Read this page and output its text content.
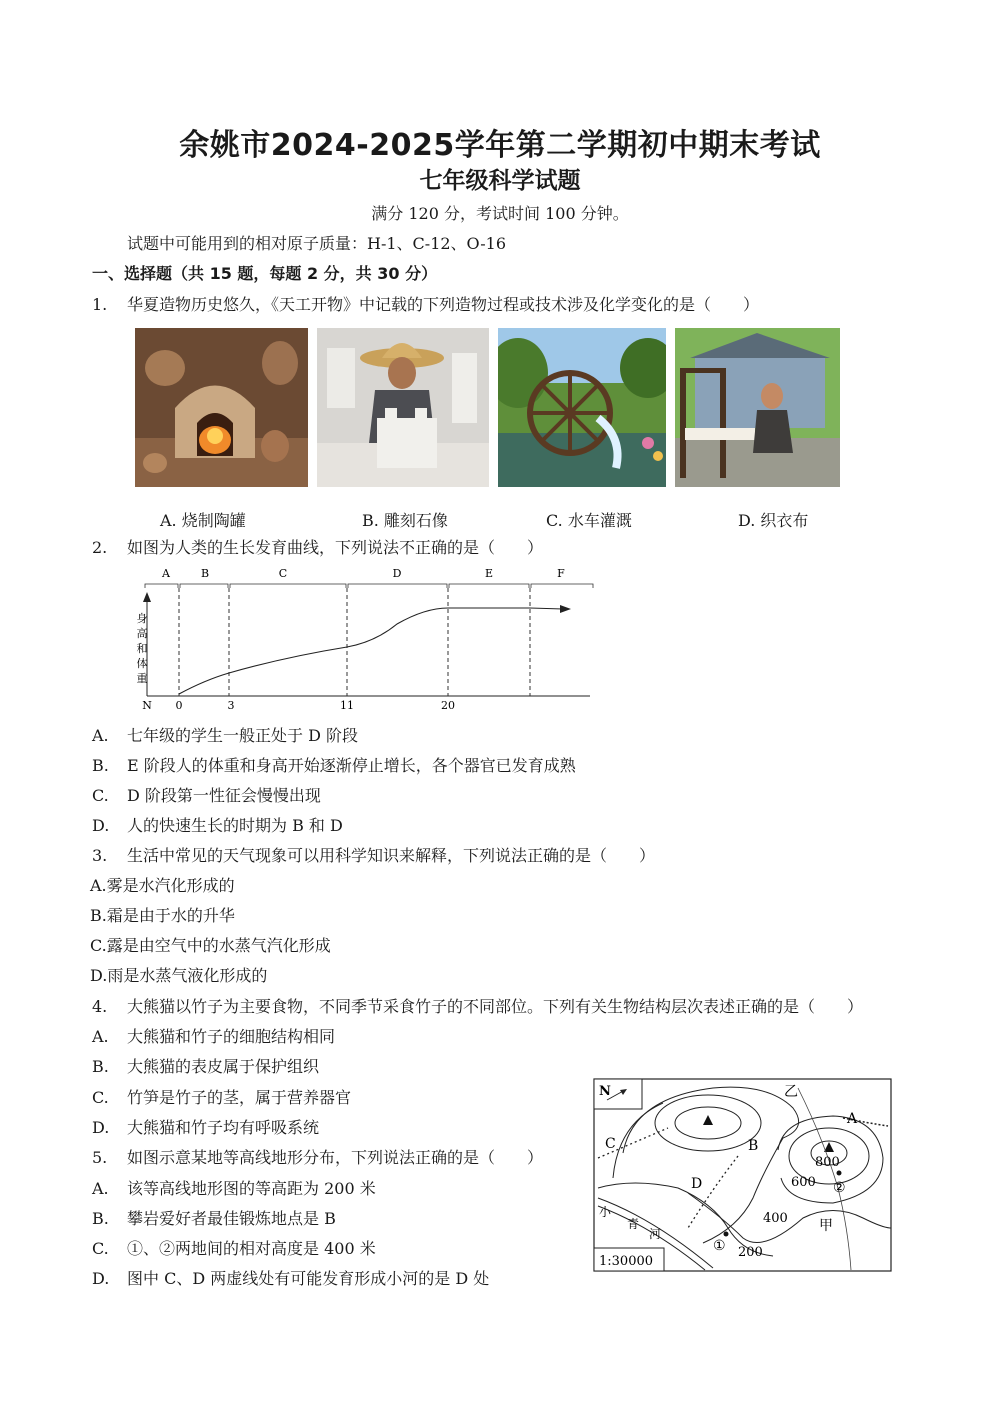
余姚市2024-2025学年第二学期初中期末考试
七年级科学试题
满分 120 分，考试时间 100 分钟。
试题中可能用到的相对原子质量：H-1、C-12、O-16
一、选择题（共 15 题，每题 2 分，共 30 分）
1. 华夏造物历史悠久，《天工开物》中记载的下列造物过程或技术涉及化学变化的是（　　）
A. 烧制陶罐	B. 雕刻石像	C. 水车灌溉	D. 织衣布
2. 如图为人类的生长发育曲线，下列说法不正确的是（　　）
A	B	C	D	E	F
身
高
和
体
重
N 0	3	11	20
A. 七年级的学生一般正处于 D 阶段
B. E 阶段人的体重和身高开始逐渐停止增长，各个器官已发育成熟
C. D 阶段第一性征会慢慢出现
D. 人的快速生长的时期为 B 和 D
3. 生活中常见的天气现象可以用科学知识来解释，下列说法正确的是（　　）
A.雾是水汽化形成的
B.霜是由于水的升华
C.露是由空气中的水蒸气汽化形成
D.雨是水蒸气液化形成的
4. 大熊猫以竹子为主要食物，不同季节采食竹子的不同部位。下列有关生物结构层次表述正确的是（　　）
A. 大熊猫和竹子的细胞结构相同
B. 大熊猫的表皮属于保护组织
C. 竹笋是竹子的茎，属于营养器官
D. 大熊猫和竹子均有呼吸系统
5. 如图示意某地等高线地形分布，下列说法正确的是（　　）
A. 该等高线地形图的等高距为 200 米
B. 攀岩爱好者最佳锻炼地点是 B
C. ①、②两地间的相对高度是 400 米
D. 图中 C、D 两虚线处有可能发育形成小河的是 D 处
N	乙
A
B
C
D
甲
800
600
400
200
①
②
小
青
河
1:30000
